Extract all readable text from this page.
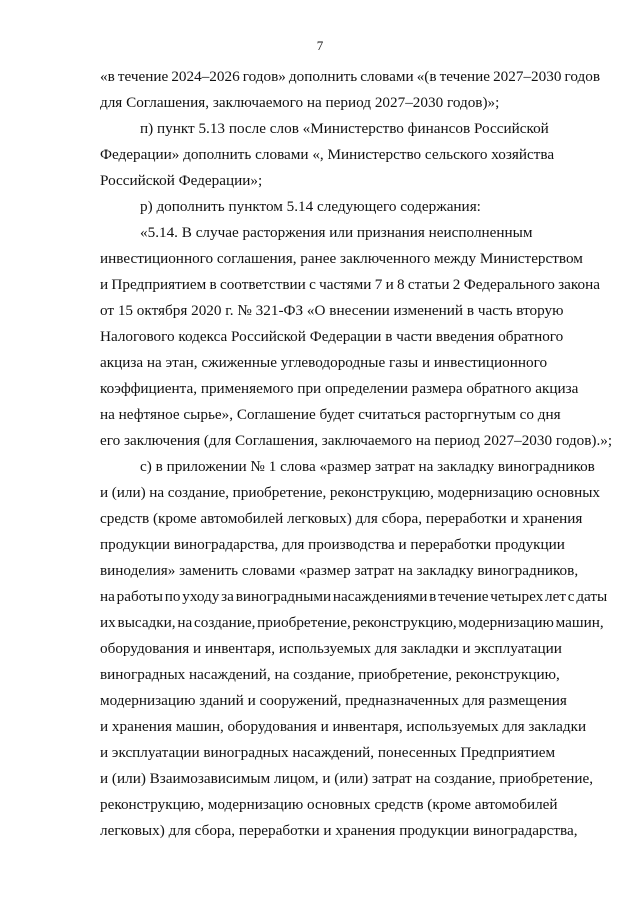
7
«в течение 2024–2026 годов» дополнить словами «(в течение 2027–2030 годов
для Соглашения, заключаемого на период 2027–2030 годов)»;
п) пункт 5.13 после слов «Министерство финансов Российской
Федерации» дополнить словами «, Министерство сельского хозяйства
Российской Федерации»;
р) дополнить пунктом 5.14 следующего содержания:
«5.14. В случае расторжения или признания неисполненным
инвестиционного соглашения, ранее заключенного между Министерством
и Предприятием в соответствии с частями 7 и 8 статьи 2 Федерального закона
от 15 октября 2020 г. № 321-ФЗ «О внесении изменений в часть вторую
Налогового кодекса Российской Федерации в части введения обратного
акциза на этан, сжиженные углеводородные газы и инвестиционного
коэффициента, применяемого при определении размера обратного акциза
на нефтяное сырье», Соглашение будет считаться расторгнутым со дня
его заключения (для Соглашения, заключаемого на период 2027–2030 годов).»;
с) в приложении № 1 слова «размер затрат на закладку виноградников
и (или) на создание, приобретение, реконструкцию, модернизацию основных
средств (кроме автомобилей легковых) для сбора, переработки и хранения
продукции виноградарства, для производства и переработки продукции
виноделия» заменить словами «размер затрат на закладку виноградников,
на работы по уходу за виноградными насаждениями в течение четырех лет с даты
их высадки, на создание, приобретение, реконструкцию, модернизацию машин,
оборудования и инвентаря, используемых для закладки и эксплуатации
виноградных насаждений, на создание, приобретение, реконструкцию,
модернизацию зданий и сооружений, предназначенных для размещения
и хранения машин, оборудования и инвентаря, используемых для закладки
и эксплуатации виноградных насаждений, понесенных Предприятием
и (или) Взаимозависимым лицом, и (или) затрат на создание, приобретение,
реконструкцию, модернизацию основных средств (кроме автомобилей
легковых) для сбора, переработки и хранения продукции виноградарства,
